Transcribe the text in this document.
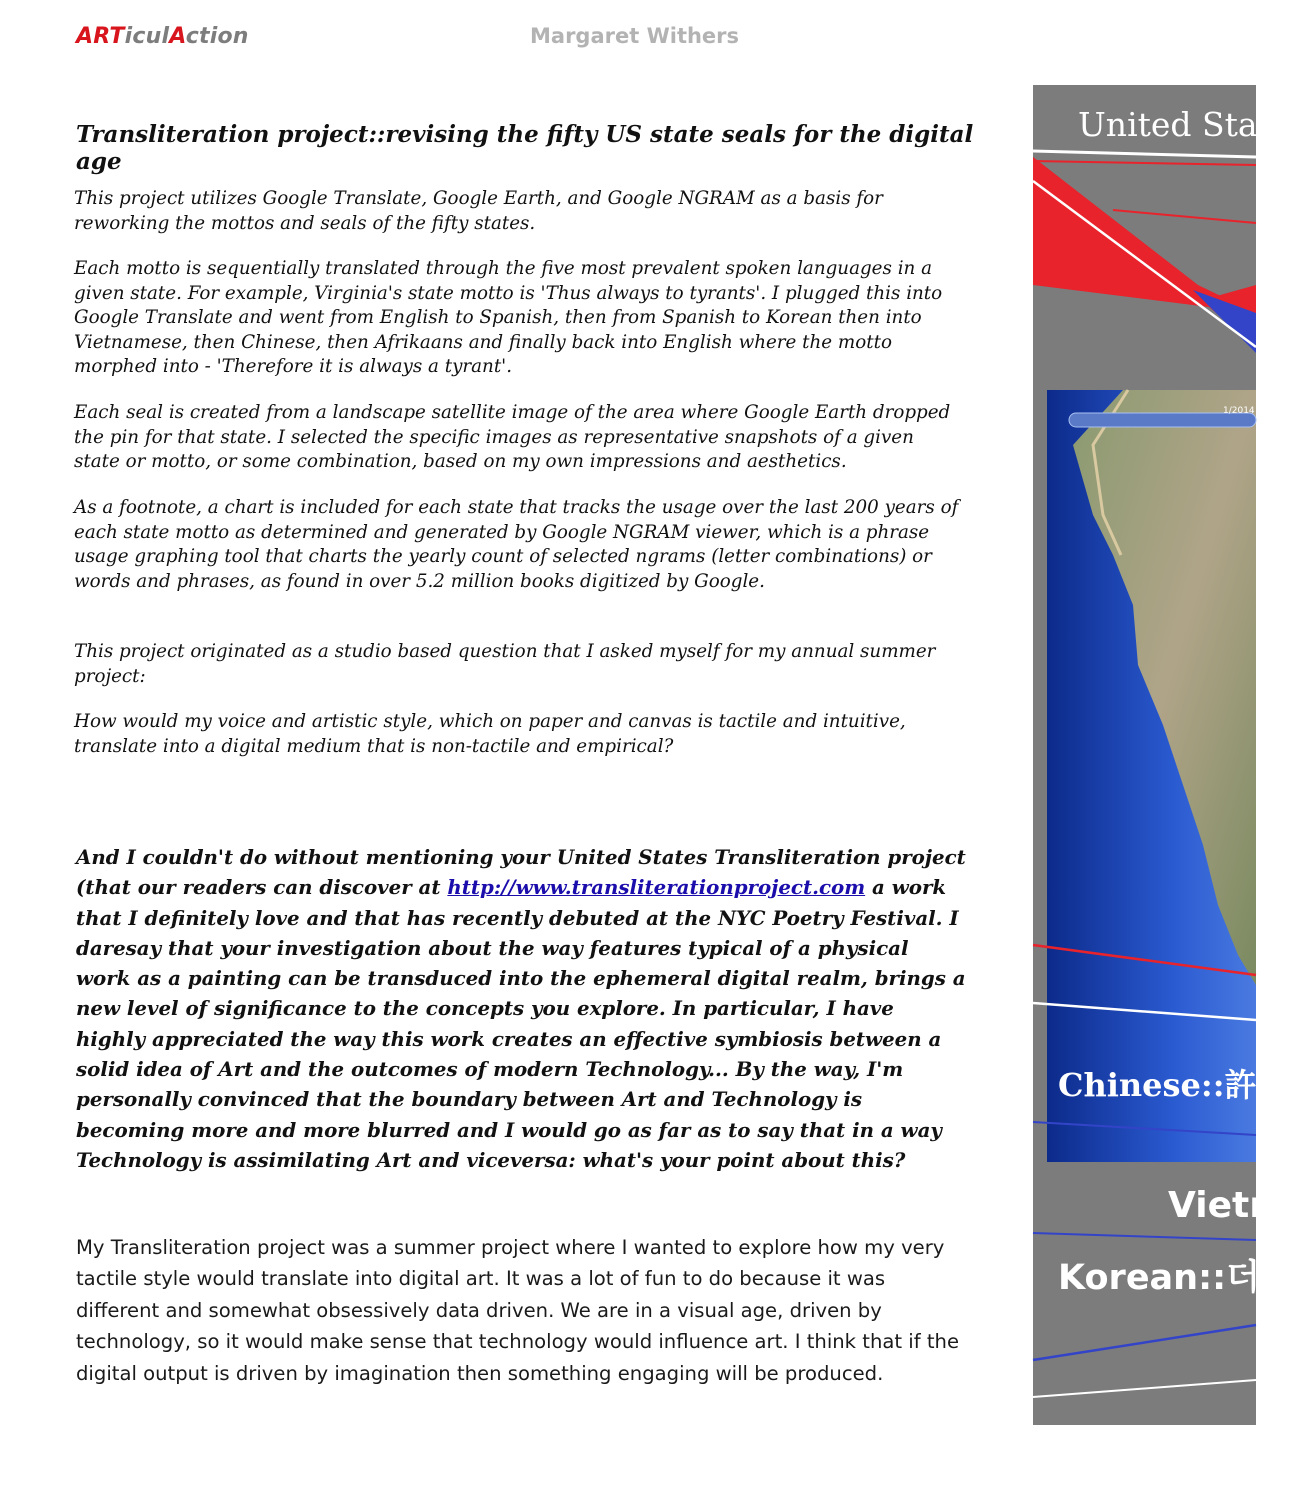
ARTiculAction	Margaret Withers
Transliteration project::revising the fifty US state seals for the digital age

This project utilizes Google Translate, Google Earth, and Google NGRAM as a basis for reworking the mottos and seals of the fifty states.

Each motto is sequentially translated through the five most prevalent spoken languages in a given state. For example, Virginia's state motto is 'Thus always to tyrants'. I plugged this into Google Translate and went from English to Spanish, then from Spanish to Korean then into Vietnamese, then Chinese, then Afrikaans and finally back into English where the motto morphed into - 'Therefore it is always a tyrant'.

Each seal is created from a landscape satellite image of the area where Google Earth dropped the pin for that state. I selected the specific images as representative snapshots of a given state or motto, or some combination, based on my own impressions and aesthetics.

As a footnote, a chart is included for each state that tracks the usage over the last 200 years of each state motto as determined and generated by Google NGRAM viewer, which is a phrase usage graphing tool that charts the yearly count of selected ngrams (letter combinations) or words and phrases, as found in over 5.2 million books digitized by Google.

This project originated as a studio based question that I asked myself for my annual summer project:

How would my voice and artistic style, which on paper and canvas is tactile and intuitive, translate into a digital medium that is non-tactile and empirical?

And I couldn't do without mentioning your United States Transliteration project (that our readers can discover at http://www.transliterationproject.com a work that I definitely love and that has recently debuted at the NYC Poetry Festival. I daresay that your investigation about the way features typical of a physical work as a painting can be transduced into the ephemeral digital realm, brings a new level of significance to the concepts you explore. In particular, I have highly appreciated the way this work creates an effective symbiosis between a solid idea of Art and the outcomes of modern Technology... By the way, I'm personally convinced that the boundary between Art and Technology is becoming more and more blurred and I would go as far as to say that in a way Technology is assimilating Art and viceversa: what's your point about this?

My Transliteration project was a summer project where I wanted to explore how my very tactile style would translate into digital art. It was a lot of fun to do because it was different and somewhat obsessively data driven. We are in a visual age, driven by technology, so it would make sense that technology would influence art. I think that if the digital output is driven by imagination then something engaging will be produced.

1/2014
United Stat
Chinese::許多
Vietn
Korean::더 (
